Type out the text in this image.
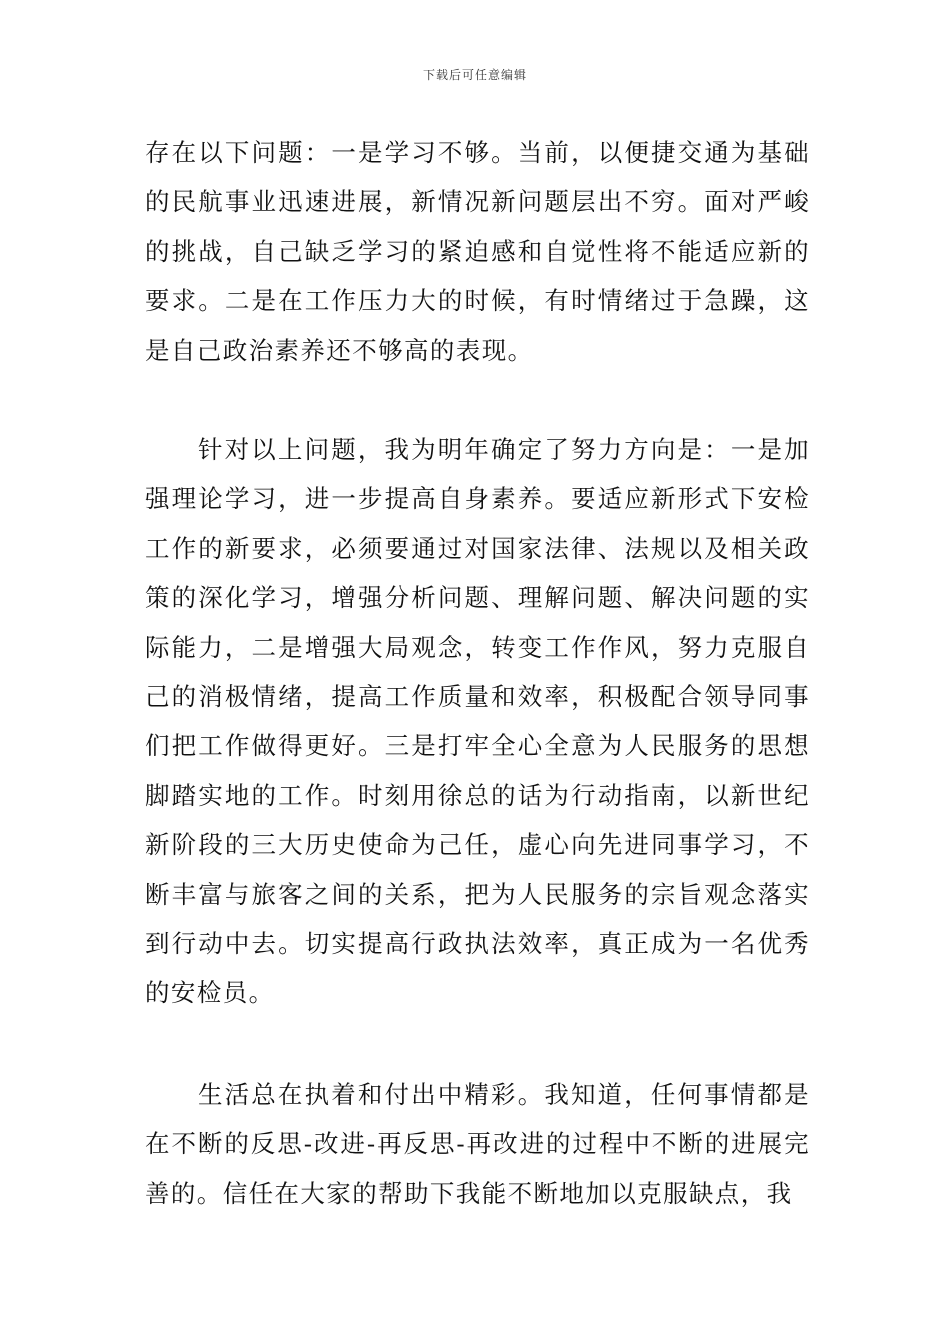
下载后可任意编辑

存在以下问题：一是学习不够。当前，以便捷交通为基础的民航事业迅速进展，新情况新问题层出不穷。面对严峻的挑战，自己缺乏学习的紧迫感和自觉性将不能适应新的要求。二是在工作压力大的时候，有时情绪过于急躁，这是自己政治素养还不够高的表现。

针对以上问题，我为明年确定了努力方向是：一是加强理论学习，进一步提高自身素养。要适应新形式下安检工作的新要求，必须要通过对国家法律、法规以及相关政策的深化学习，增强分析问题、理解问题、解决问题的实际能力，二是增强大局观念，转变工作作风，努力克服自己的消极情绪，提高工作质量和效率，积极配合领导同事们把工作做得更好。三是打牢全心全意为人民服务的思想脚踏实地的工作。时刻用徐总的话为行动指南，以新世纪新阶段的三大历史使命为己任，虚心向先进同事学习，不断丰富与旅客之间的关系，把为人民服务的宗旨观念落实到行动中去。切实提高行政执法效率，真正成为一名优秀的安检员。

生活总在执着和付出中精彩。我知道，任何事情都是在不断的反思-改进-再反思-再改进的过程中不断的进展完善的。信任在大家的帮助下我能不断地加以克服缺点，我
